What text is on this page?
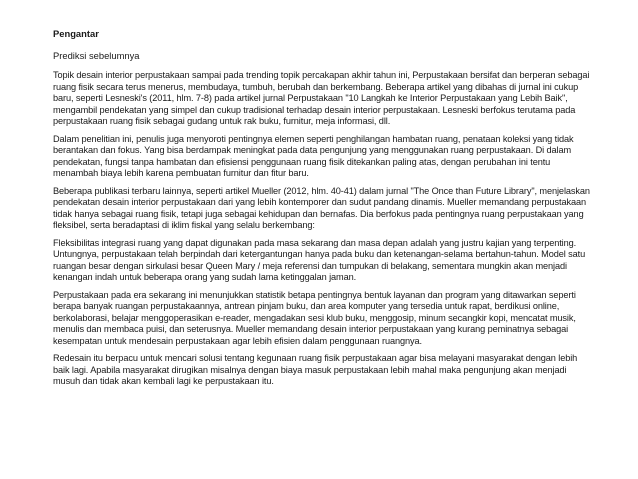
Pengantar
Prediksi sebelumnya

Topik desain interior perpustakaan sampai pada trending topik percakapan akhir tahun ini, Perpustakaan bersifat dan berperan sebagai ruang fisik secara terus menerus, membudaya, tumbuh, berubah dan berkembang. Beberapa artikel yang dibahas di jurnal ini cukup baru, seperti Lesneski's (2011, hlm. 7-8) pada artikel jurnal Perpustakaan "10 Langkah ke Interior Perpustakaan yang Lebih Baik", mengambil pendekatan yang simpel dan cukup tradisional terhadap desain interior perpustakaan. Lesneski berfokus terutama pada perpustakaan ruang fisik sebagai gudang untuk rak buku, furnitur, meja informasi, dll.

Dalam penelitian ini, penulis juga menyoroti pentingnya elemen seperti penghilangan hambatan ruang, penataan koleksi yang tidak berantakan dan fokus. Yang bisa berdampak meningkat pada data pengunjung yang menggunakan ruang perpustakaan. Di dalam pendekatan, fungsi tanpa hambatan dan efisiensi penggunaan ruang fisik ditekankan paling atas, dengan perubahan ini tentu menambah biaya lebih karena pembuatan furnitur dan fitur baru.

Beberapa publikasi terbaru lainnya, seperti artikel Mueller (2012, hlm. 40-41) dalam jurnal "The Once than Future Library", menjelaskan pendekatan desain interior perpustakaan dari yang lebih kontemporer dan sudut pandang dinamis. Mueller memandang perpustakaan tidak hanya sebagai ruang fisik, tetapi juga sebagai kehidupan dan bernafas. Dia berfokus pada pentingnya ruang perpustakaan yang fleksibel, serta beradaptasi di iklim fiskal yang selalu berkembang:

Fleksibilitas integrasi ruang yang dapat digunakan pada masa sekarang dan masa depan adalah yang justru kajian yang terpenting. Untungnya, perpustakaan telah berpindah dari ketergantungan hanya pada buku dan ketenangan-selama bertahun-tahun. Model satu ruangan besar dengan sirkulasi besar Queen Mary / meja referensi dan tumpukan di belakang, sementara mungkin akan menjadi kenangan indah untuk beberapa orang yang sudah lama ketinggalan jaman.

Perpustakaan pada era sekarang ini menunjukkan statistik betapa pentingnya bentuk layanan dan program yang ditawarkan seperti berapa banyak ruangan perpustakaannya, antrean pinjam buku, dan area komputer yang tersedia untuk rapat, berdikusi online, berkolaborasi, belajar menggoperasikan e-reader, mengadakan sesi klub buku, menggosip, minum secangkir kopi, mencatat musik, menulis dan membaca puisi, dan seterusnya. Mueller memandang desain interior perpustakaan yang kurang peminatnya sebagai kesempatan untuk mendesain perpustakaan agar lebih efisien dalam penggunaan ruangnya.

Redesain itu berpacu untuk mencari solusi tentang kegunaan ruang fisik perpustakaan agar bisa melayani masyarakat dengan lebih baik lagi. Apabila masyarakat dirugikan misalnya dengan biaya masuk perpustakaan lebih mahal maka pengunjung akan menjadi musuh dan tidak akan kembali lagi ke perpustakaan itu.
